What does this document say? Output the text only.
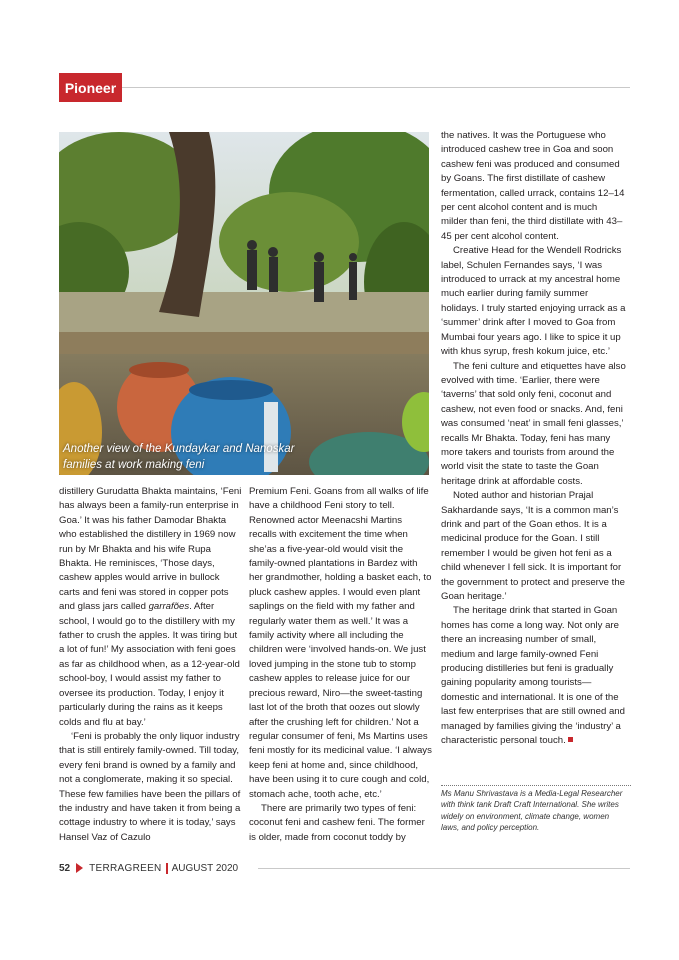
Pioneer
Another view of the Kundaykar and Nanoskar
families at work making feni

distillery Gurudatta Bhakta maintains, ‘Feni has always been a family-run enterprise in Goa.’ It was his father Damodar Bhakta who established the distillery in 1969 now run by Mr Bhakta and his wife Rupa Bhakta. He reminisces, ‘Those days, cashew apples would arrive in bullock carts and feni was stored in copper pots and glass jars called garrafões. After school, I would go to the distillery with my father to crush the apples. It was tiring but a lot of fun!’ My association with feni goes as far as childhood when, as a 12-year-old school-boy, I would assist my father to oversee its production. Today, I enjoy it particularly during the rains as it keeps colds and flu at bay.’

‘Feni is probably the only liquor industry that is still entirely family-owned. Till today, every feni brand is owned by a family and not a conglomerate, making it so special. These few families have been the pillars of the industry and have taken it from being a cottage industry to where it is today,’ says Hansel Vaz of Cazulo

Premium Feni. Goans from all walks of life have a childhood Feni story to tell. Renowned actor Meenacshi Martins recalls with excitement the time when she’as a five-year-old would visit the family-owned plantations in Bardez with her grandmother, holding a basket each, to pluck cashew apples. I would even plant saplings on the field with my father and regularly water them as well.’ It was a family activity where all including the children were ‘involved hands-on. We just loved jumping in the stone tub to stomp cashew apples to release juice for our precious reward, Niro—the sweet-tasting last lot of the broth that oozes out slowly after the crushing left for children.’ Not a regular consumer of feni, Ms Martins uses feni mostly for its medicinal value. ‘I always keep feni at home and, since childhood, have been using it to cure cough and cold, stomach ache, tooth ache, etc.’

There are primarily two types of feni: coconut feni and cashew feni. The former is older, made from coconut toddy by

the natives. It was the Portuguese who introduced cashew tree in Goa and soon cashew feni was produced and consumed by Goans. The first distillate of cashew fermentation, called urrack, contains 12–14 per cent alcohol content and is much milder than feni, the third distillate with 43–45 per cent alcohol content.

Creative Head for the Wendell Rodricks label, Schulen Fernandes says, ‘I was introduced to urrack at my ancestral home much earlier during family summer holidays. I truly started enjoying urrack as a ‘summer’ drink after I moved to Goa from Mumbai four years ago. I like to spice it up with khus syrup, fresh kokum juice, etc.’

The feni culture and etiquettes have also evolved with time. ‘Earlier, there were ‘taverns’ that sold only feni, coconut and cashew, not even food or snacks. And, feni was consumed ‘neat’ in small feni glasses,’ recalls Mr Bhakta. Today, feni has many more takers and tourists from around the world visit the state to taste the Goan heritage drink at affordable costs.

Noted author and historian Prajal Sakhardande says, ‘It is a common man’s drink and part of the Goan ethos. It is a medicinal produce for the Goan. I still remember I would be given hot feni as a child whenever I fell sick. It is important for the government to protect and preserve the Goan heritage.’

The heritage drink that started in Goan homes has come a long way. Not only are there an increasing number of small, medium and large family-owned Feni producing distilleries but feni is gradually gaining popularity among tourists—domestic and international. It is one of the last few enterprises that are still owned and managed by families giving the ‘industry’ a characteristic personal touch.

Ms Manu Shrivastava is a Media-Legal Researcher with think tank Draft Craft International. She writes widely on environment, climate change, women laws, and policy perception.
52 TERRAGREEN AUGUST 2020
